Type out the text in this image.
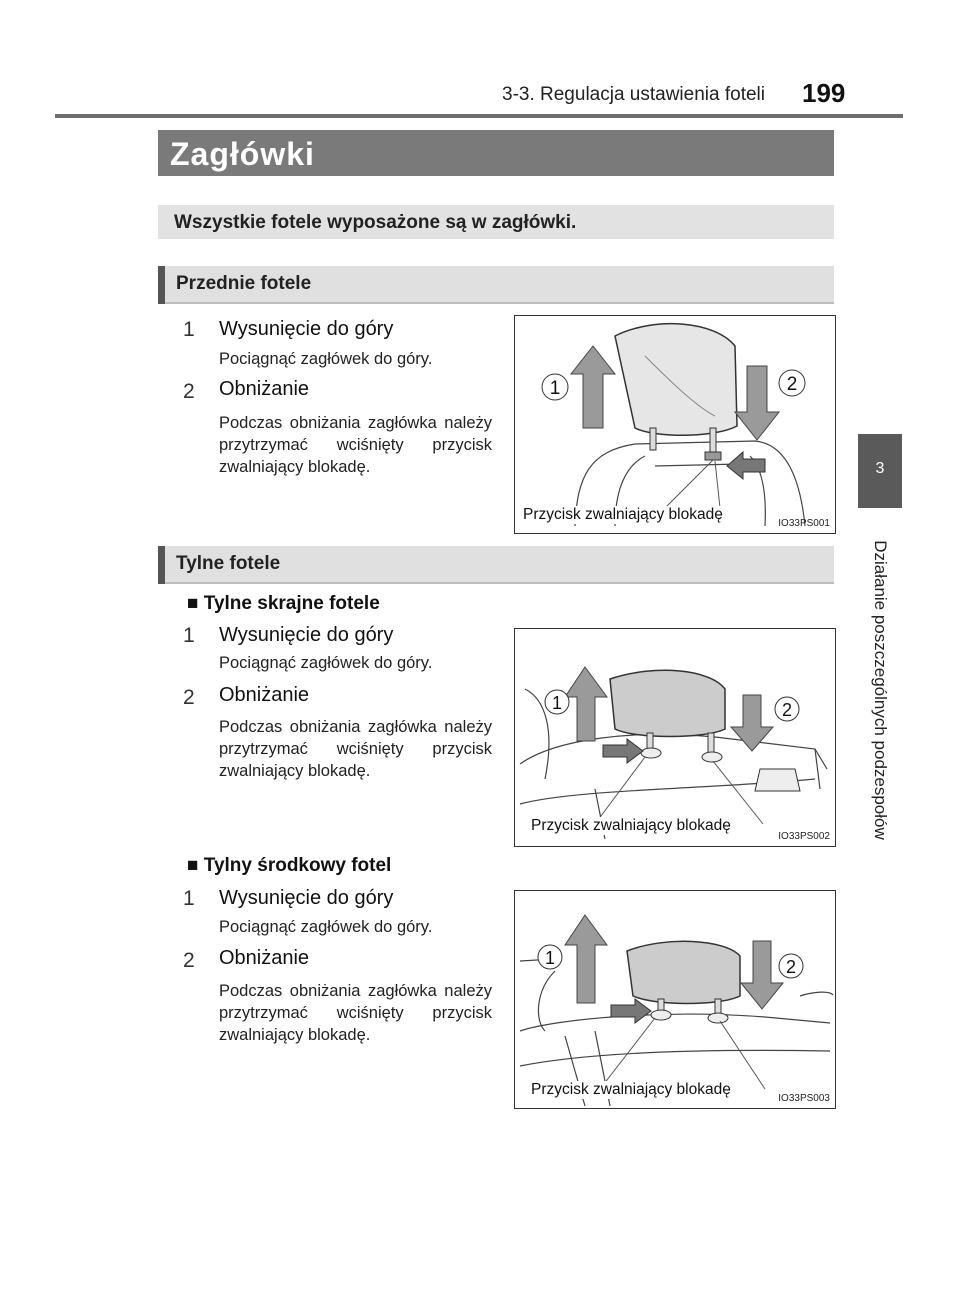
3-3. Regulacja ustawienia foteli 199
3
Działanie poszczególnych podzespołów
Zagłówki
Wszystkie fotele wyposażone są w zagłówki.
Przednie fotele
1 Wysunięcie do góry
Pociągnąć zagłówek do góry.
2 Obniżanie
Podczas obniżania zagłówka należy przytrzymać wciśnięty przycisk zwalniający blokadę.
1	2
Przycisk zwalniający blokadę
IO33PS001
Tylne fotele
■ Tylne skrajne fotele
1 Wysunięcie do góry
Pociągnąć zagłówek do góry.
2 Obniżanie
Podczas obniżania zagłówka należy przytrzymać wciśnięty przycisk zwalniający blokadę.
1	2
Przycisk zwalniający blokadę
IO33PS002
■ Tylny środkowy fotel
1 Wysunięcie do góry
Pociągnąć zagłówek do góry.
2 Obniżanie
Podczas obniżania zagłówka należy przytrzymać wciśnięty przycisk zwalniający blokadę.
1	2
Przycisk zwalniający blokadę
IO33PS003
